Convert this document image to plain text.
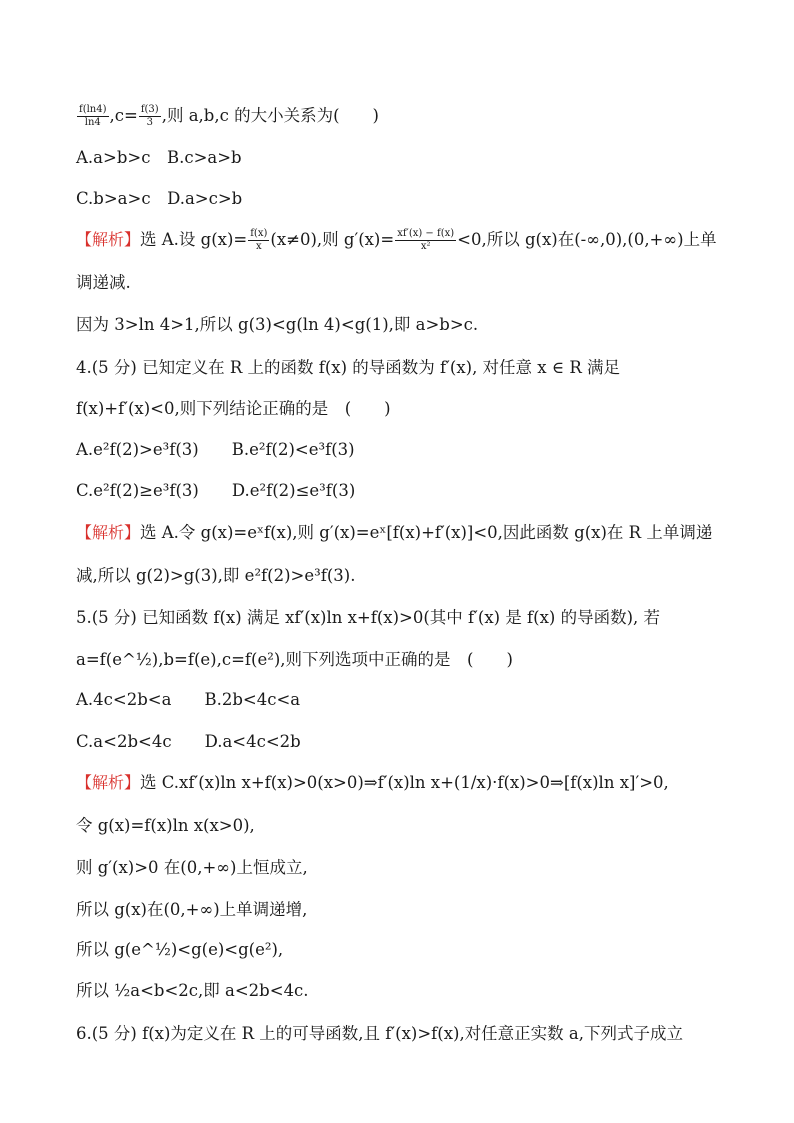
$\frac{f(\ln 4)}{\ln 4} ,c= \frac{f(3)}{3}$ ,则 a,b,c 的大小关系为(　　)
A.a>b>c　B.c>a>b
C.b>a>c　D.a>c>b
【解析】选 A.设 $g(x)= \frac{f(x)}{x} (x\ne 0)$,则 $g'(x)= \frac{xf'(x) - f(x)}{\text{x²}} <0$,所以 g(x)在(-∞,0),(0,+∞)上单
调递减.
因为 3>ln 4>1,所以 g(3)<g(ln 4)<g(1),即 a>b>c.
4.(5 分) 已知定义在 R 上的函数 f(x) 的导函数为 f′(x), 对任意 x ∈ R 满足
f(x)+f′(x)<0,则下列结论正确的是　(　　)
A.e²f(2)>e³f(3)　　B.e²f(2)<e³f(3)
C.e²f(2)≥e³f(3)　　D.e²f(2)≤e³f(3)
【解析】选 A.令 g(x)=eˣf(x),则 g′(x)=eˣ[f(x)+f′(x)]<0,因此函数 g(x)在 R 上单调递
减,所以 g(2)>g(3),即 e²f(2)>e³f(3).
5.(5 分) 已知函数 f(x) 满足 xf′(x)ln x+f(x)>0(其中 f′(x) 是 f(x) 的导函数), 若
a=f(e^½),b=f(e),c=f(e²),则下列选项中正确的是　(　　)
A.4c<2b<a　　B.2b<4c<a
C.a<2b<4c　　D.a<4c<2b
【解析】选 C.xf′(x)ln x+f(x)>0(x>0)⇒f′(x)ln x+(1/x)·f(x)>0⇒[f(x)ln x]′>0,
令 g(x)=f(x)ln x(x>0),
则 g′(x)>0 在(0,+∞)上恒成立,
所以 g(x)在(0,+∞)上单调递增,
所以 g(e^½)<g(e)<g(e²),
所以 ½a<b<2c,即 a<2b<4c.
6.(5 分) f(x)为定义在 R 上的可导函数,且 f′(x)>f(x),对任意正实数 a,下列式子成立
